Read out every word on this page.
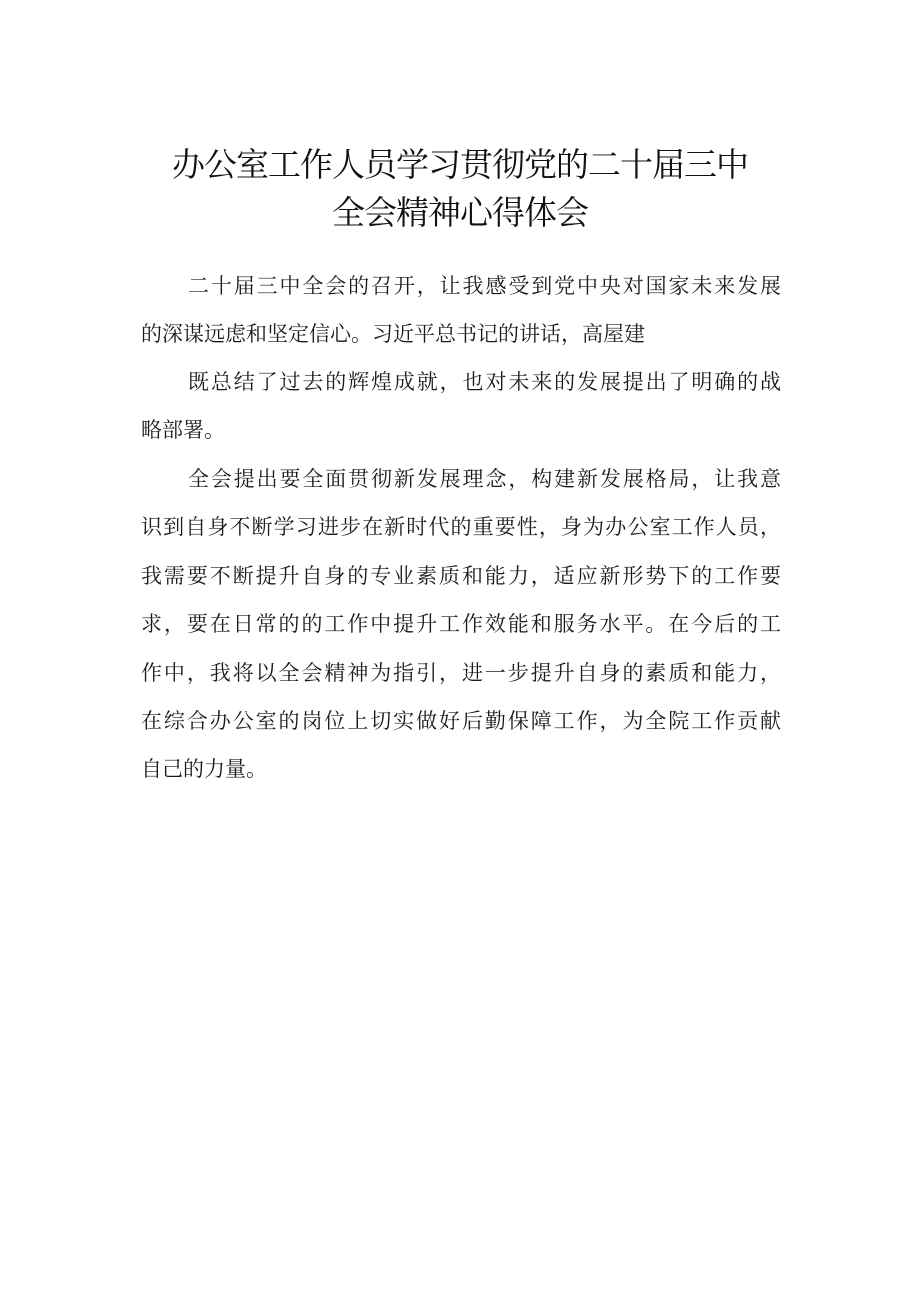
办公室工作人员学习贯彻党的二十届三中
全会精神心得体会
二十届三中全会的召开，让我感受到党中央对国家未来发展
的深谋远虑和坚定信心。习近平总书记的讲话，高屋建
既总结了过去的辉煌成就，也对未来的发展提出了明确的战
略部署。
全会提出要全面贯彻新发展理念，构建新发展格局，让我意
识到自身不断学习进步在新时代的重要性，身为办公室工作人员，
我需要不断提升自身的专业素质和能力，适应新形势下的工作要
求，要在日常的的工作中提升工作效能和服务水平。在今后的工
作中，我将以全会精神为指引，进一步提升自身的素质和能力，
在综合办公室的岗位上切实做好后勤保障工作，为全院工作贡献
自己的力量。
